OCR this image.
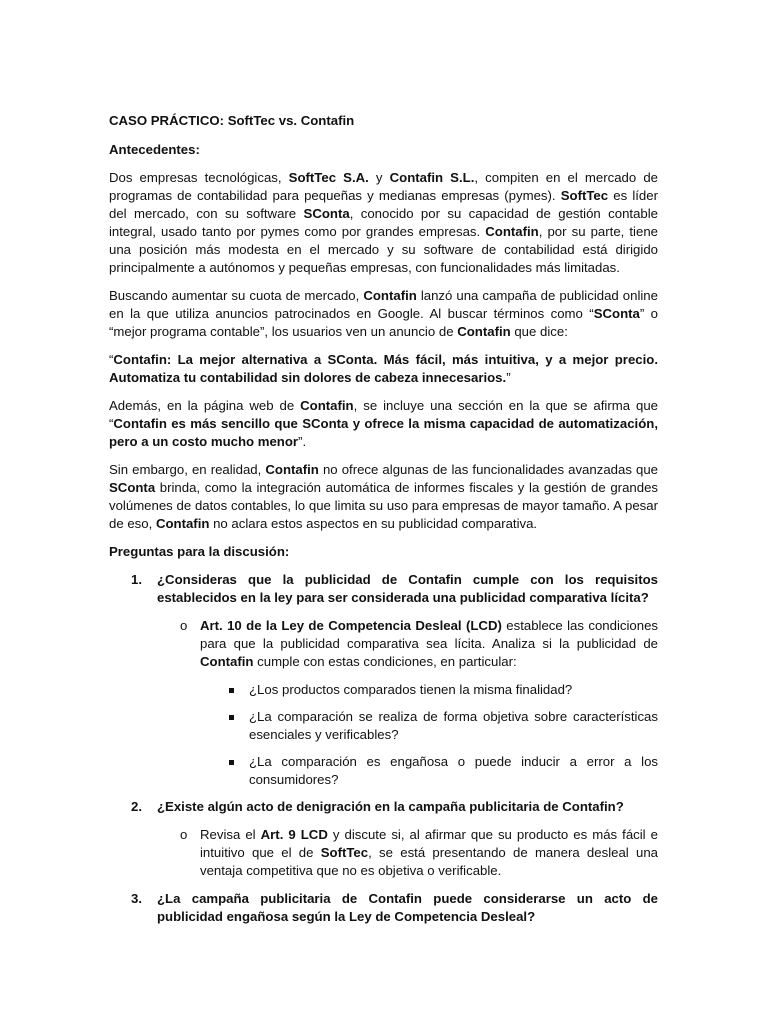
CASO PRÁCTICO: SoftTec vs. Contafin

Antecedentes:

Dos empresas tecnológicas, SoftTec S.A. y Contafin S.L., compiten en el mercado de programas de contabilidad para pequeñas y medianas empresas (pymes). SoftTec es líder del mercado, con su software SConta, conocido por su capacidad de gestión contable integral, usado tanto por pymes como por grandes empresas. Contafin, por su parte, tiene una posición más modesta en el mercado y su software de contabilidad está dirigido principalmente a autónomos y pequeñas empresas, con funcionalidades más limitadas.

Buscando aumentar su cuota de mercado, Contafin lanzó una campaña de publicidad online en la que utiliza anuncios patrocinados en Google. Al buscar términos como “SConta” o “mejor programa contable”, los usuarios ven un anuncio de Contafin que dice:

“Contafin: La mejor alternativa a SConta. Más fácil, más intuitiva, y a mejor precio. Automatiza tu contabilidad sin dolores de cabeza innecesarios.”

Además, en la página web de Contafin, se incluye una sección en la que se afirma que “Contafin es más sencillo que SConta y ofrece la misma capacidad de automatización, pero a un costo mucho menor”.

Sin embargo, en realidad, Contafin no ofrece algunas de las funcionalidades avanzadas que SConta brinda, como la integración automática de informes fiscales y la gestión de grandes volúmenes de datos contables, lo que limita su uso para empresas de mayor tamaño. A pesar de eso, Contafin no aclara estos aspectos en su publicidad comparativa.

Preguntas para la discusión:

1. ¿Consideras que la publicidad de Contafin cumple con los requisitos establecidos en la ley para ser considerada una publicidad comparativa lícita?
o Art. 10 de la Ley de Competencia Desleal (LCD) establece las condiciones para que la publicidad comparativa sea lícita. Analiza si la publicidad de Contafin cumple con estas condiciones, en particular:
¿Los productos comparados tienen la misma finalidad?
¿La comparación se realiza de forma objetiva sobre características esenciales y verificables?
¿La comparación es engañosa o puede inducir a error a los consumidores?
2. ¿Existe algún acto de denigración en la campaña publicitaria de Contafin?
o Revisa el Art. 9 LCD y discute si, al afirmar que su producto es más fácil e intuitivo que el de SoftTec, se está presentando de manera desleal una ventaja competitiva que no es objetiva o verificable.
3. ¿La campaña publicitaria de Contafin puede considerarse un acto de publicidad engañosa según la Ley de Competencia Desleal?
